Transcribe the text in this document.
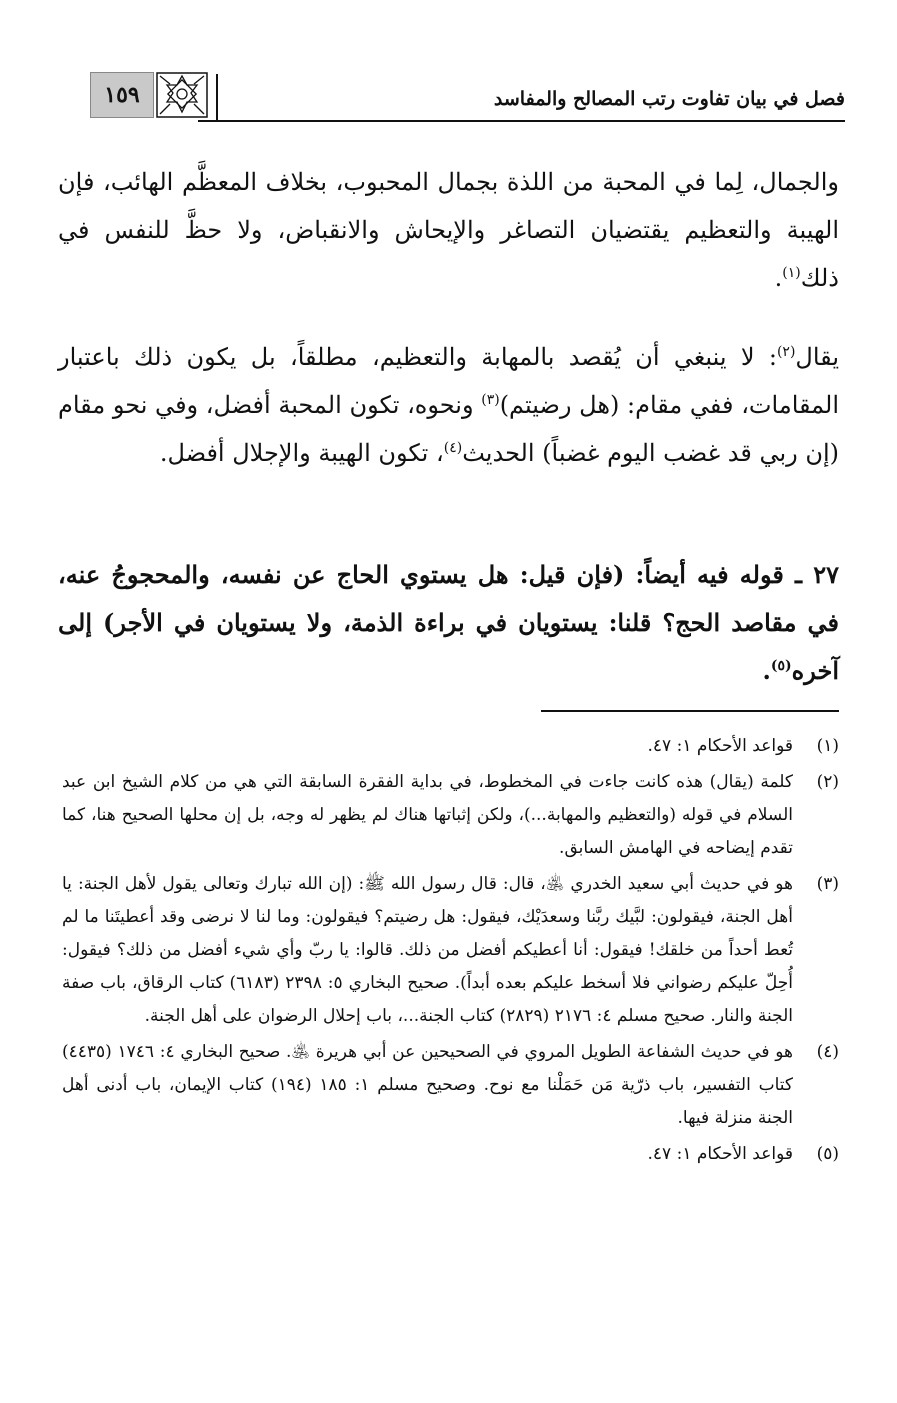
فصل في بيان تفاوت رتب المصالح والمفاسد
١٥٩

والجمال، لِما في المحبة من اللذة بجمال المحبوب، بخلاف المعظَّم الهائب، فإن الهيبة والتعظيم يقتضيان التصاغر والإيحاش والانقباض، ولا حظَّ للنفس في ذلك$^{(١)}$.

يقال$^{(٢)}$: لا ينبغي أن يُقصد بالمهابة والتعظيم، مطلقاً، بل يكون ذلك باعتبار المقامات، ففي مقام: (هل رضيتم)$^{(٣)}$ ونحوه، تكون المحبة أفضل، وفي نحو مقام (إن ربي قد غضب اليوم غضباً) الحديث$^{(٤)}$، تكون الهيبة والإجلال أفضل.

٢٧ ـ قوله فيه أيضاً: (فإن قيل: هل يستوي الحاج عن نفسه، والمحجوجُ عنه، في مقاصد الحج؟ قلنا: يستويان في براءة الذمة، ولا يستويان في الأجر) إلى آخره$^{(٥)}$.

(١)
قواعد الأحكام ١: ٤٧.
(٢)
كلمة (يقال) هذه كانت جاءت في المخطوط، في بداية الفقرة السابقة التي هي من كلام الشيخ ابن عبد السلام في قوله (والتعظيم والمهابة...)، ولكن إثباتها هناك لم يظهر له وجه، بل إن محلها الصحيح هنا، كما تقدم إيضاحه في الهامش السابق.
(٣)
هو في حديث أبي سعيد الخدري ﵁، قال: قال رسول الله ﷺ: (إن الله تبارك وتعالى يقول لأهل الجنة: يا أهل الجنة، فيقولون: لبَّيك ربَّنا وسعدَيْك، فيقول: هل رضيتم؟ فيقولون: وما لنا لا نرضى وقد أعطيتَنا ما لم تُعط أحداً من خلقك! فيقول: أنا أعطيكم أفضل من ذلك. قالوا: يا ربّ وأي شيء أفضل من ذلك؟ فيقول: أُحِلّ عليكم رضواني فلا أسخط عليكم بعده أبداً). صحيح البخاري ٥: ٢٣٩٨ (٦١٨٣) كتاب الرقاق، باب صفة الجنة والنار. صحيح مسلم ٤: ٢١٧٦ (٢٨٢٩) كتاب الجنة...، باب إحلال الرضوان على أهل الجنة.
(٤)
هو في حديث الشفاعة الطويل المروي في الصحيحين عن أبي هريرة ﵁. صحيح البخاري ٤: ١٧٤٦ (٤٤٣٥) كتاب التفسير، باب ذرّية مَن حَمَلْنا مع نوح. وصحيح مسلم ١: ١٨٥ (١٩٤) كتاب الإيمان، باب أدنى أهل الجنة منزلة فيها.
(٥)
قواعد الأحكام ١: ٤٧.
